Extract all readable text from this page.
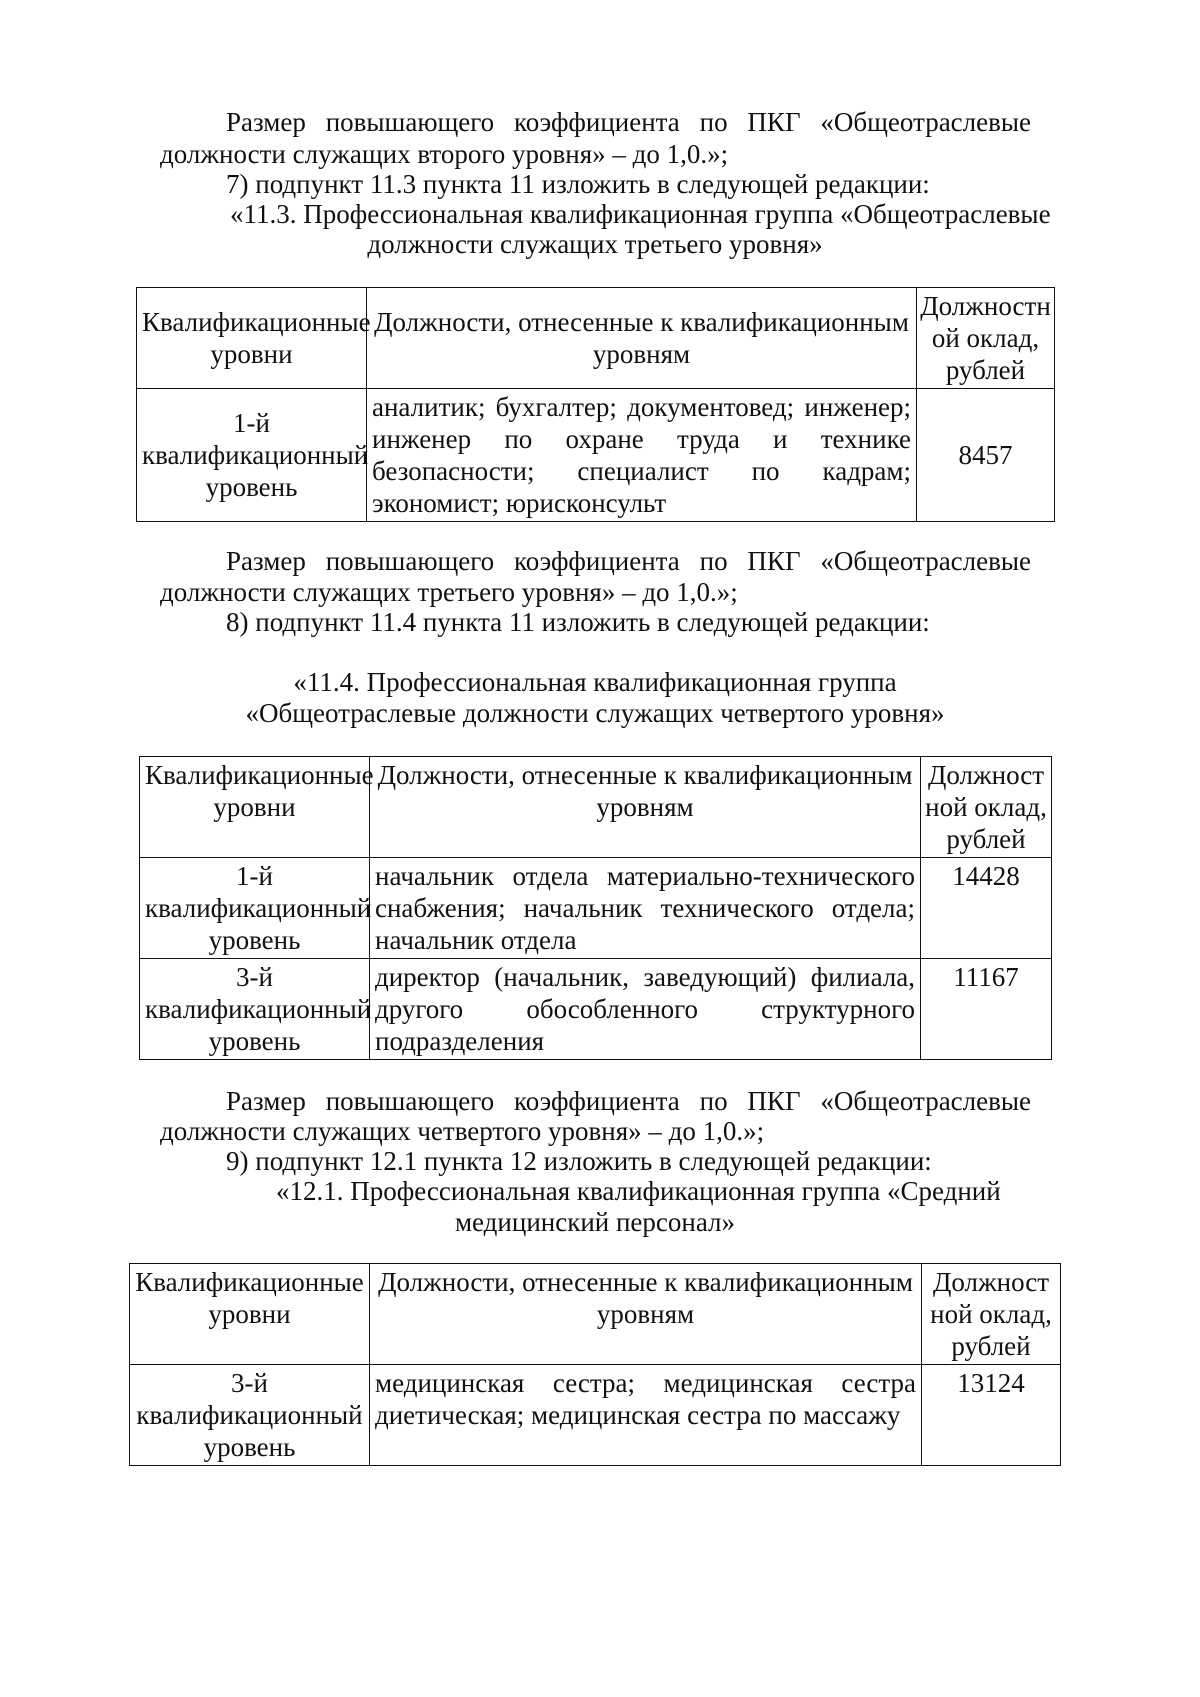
Размер повышающего коэффициента по ПКГ «Общеотраслевые
должности служащих второго уровня» – до 1,0.»;
7) подпункт 11.3 пункта 11 изложить в следующей редакции:
«11.3. Профессиональная квалификационная группа «Общеотраслевые
должности служащих третьего уровня»
Квалификационные уровни	Должности, отнесенные к квалификационным уровням	Должностн ой оклад, рублей
1-й квалификационный уровень	аналитик; бухгалтер; документовед; инженер; инженер по охране труда и технике безопасности; специалист по кадрам; экономист; юрисконсульт	8457
Размер повышающего коэффициента по ПКГ «Общеотраслевые
должности служащих третьего уровня» – до 1,0.»;
8) подпункт 11.4 пункта 11 изложить в следующей редакции:
«11.4. Профессиональная квалификационная группа
«Общеотраслевые должности служащих четвертого уровня»
Квалификационные уровни	Должности, отнесенные к квалификационным уровням	Должност ной оклад, рублей
1-й квалификационный уровень	начальник отдела материально-технического снабжения; начальник технического отдела; начальник отдела	14428
3-й квалификационный уровень	директор (начальник, заведующий) филиала, другого обособленного структурного подразделения	11167
Размер повышающего коэффициента по ПКГ «Общеотраслевые
должности служащих четвертого уровня» – до 1,0.»;
9) подпункт 12.1 пункта 12 изложить в следующей редакции:
«12.1. Профессиональная квалификационная группа «Средний
медицинский персонал»
Квалификационные уровни	Должности, отнесенные к квалификационным уровням	Должност ной оклад, рублей
3-й квалификационный уровень	медицинская сестра; медицинская сестра диетическая; медицинская сестра по массажу	13124
